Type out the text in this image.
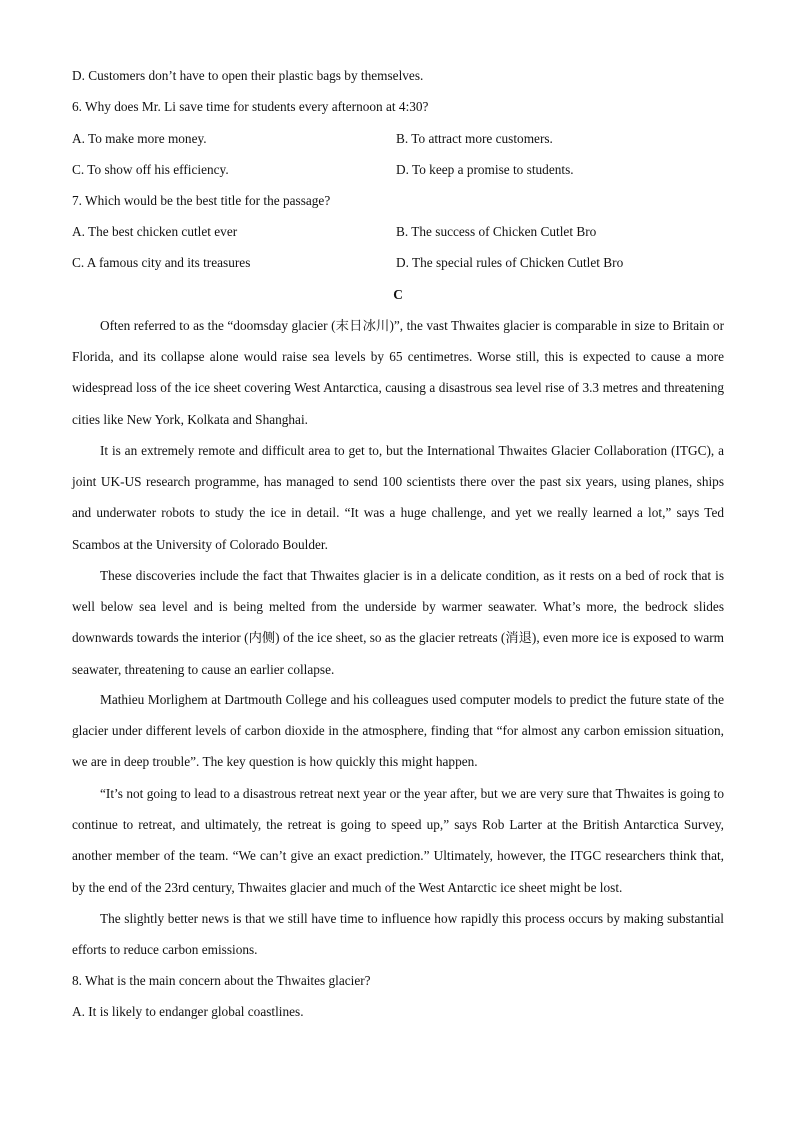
D. Customers don’t have to open their plastic bags by themselves.
6. Why does Mr. Li save time for students every afternoon at 4:30?
A. To make more money.	B. To attract more customers.
C. To show off his efficiency.	D. To keep a promise to students.
7. Which would be the best title for the passage?
A. The best chicken cutlet ever	B. The success of Chicken Cutlet Bro
C. A famous city and its treasures	D. The special rules of Chicken Cutlet Bro
C

Often referred to as the “doomsday glacier (末日冰川)”, the vast Thwaites glacier is comparable in size to Britain or Florida, and its collapse alone would raise sea levels by 65 centimetres. Worse still, this is expected to cause a more widespread loss of the ice sheet covering West Antarctica, causing a disastrous sea level rise of 3.3 metres and threatening cities like New York, Kolkata and Shanghai.

It is an extremely remote and difficult area to get to, but the International Thwaites Glacier Collaboration (ITGC), a joint UK-US research programme, has managed to send 100 scientists there over the past six years, using planes, ships and underwater robots to study the ice in detail. “It was a huge challenge, and yet we really learned a lot,” says Ted Scambos at the University of Colorado Boulder.

These discoveries include the fact that Thwaites glacier is in a delicate condition, as it rests on a bed of rock that is well below sea level and is being melted from the underside by warmer seawater. What’s more, the bedrock slides downwards towards the interior (内侧) of the ice sheet, so as the glacier retreats (消退), even more ice is exposed to warm seawater, threatening to cause an earlier collapse.

Mathieu Morlighem at Dartmouth College and his colleagues used computer models to predict the future state of the glacier under different levels of carbon dioxide in the atmosphere, finding that “for almost any carbon emission situation, we are in deep trouble”. The key question is how quickly this might happen.

“It’s not going to lead to a disastrous retreat next year or the year after, but we are very sure that Thwaites is going to continue to retreat, and ultimately, the retreat is going to speed up,” says Rob Larter at the British Antarctica Survey, another member of the team. “We can’t give an exact prediction.” Ultimately, however, the ITGC researchers think that, by the end of the 23rd century, Thwaites glacier and much of the West Antarctic ice sheet might be lost.

The slightly better news is that we still have time to influence how rapidly this process occurs by making substantial efforts to reduce carbon emissions.

8. What is the main concern about the Thwaites glacier?
A. It is likely to endanger global coastlines.
